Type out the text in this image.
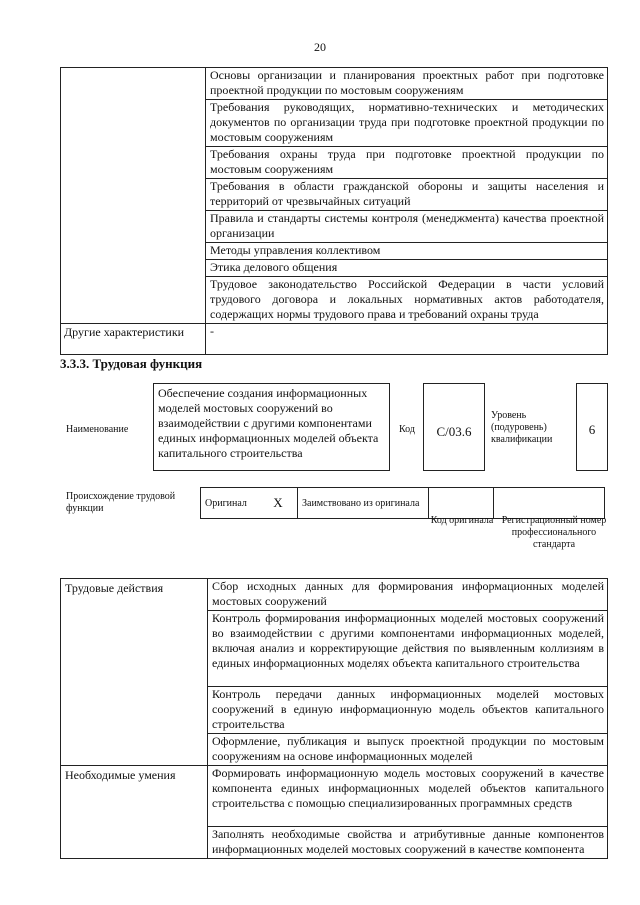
20
	Основы организации и планирования проектных работ при подготовке проектной продукции по мостовым сооружениям
	Требования руководящих, нормативно-технических и методических документов по организации труда при подготовке проектной продукции по мостовым сооружениям
	Требования охраны труда при подготовке проектной продукции по мостовым сооружениям
	Требования в области гражданской обороны и защиты населения и территорий от чрезвычайных ситуаций
	Правила и стандарты системы контроля (менеджмента) качества проектной организации
	Методы управления коллективом
	Этика делового общения
	Трудовое законодательство Российской Федерации в части условий трудового договора и локальных нормативных актов работодателя, содержащих нормы трудового права и требований охраны труда
Другие характеристики	-
3.3.3. Трудовая функция
Наименование
Обеспечение создания информационных моделей мостовых сооружений во взаимодействии с другими компонентами единых информационных моделей объекта капитального строительства
Код	C/03.6
Уровень (подуровень) квалификации
6
Происхождение трудовой функции	Оригинал	X	Заимствовано из оригинала		
Код оригинала Регистрационный номер профессионального стандарта
Трудовые действия	Сбор исходных данных для формирования информационных моделей мостовых сооружений
	Контроль формирования информационных моделей мостовых сооружений во взаимодействии с другими компонентами информационных моделей, включая анализ и корректирующие действия по выявленным коллизиям в единых информационных моделях объекта капитального строительства
	Контроль передачи данных информационных моделей мостовых сооружений в единую информационную модель объектов капитального строительства
	Оформление, публикация и выпуск проектной продукции по мостовым сооружениям на основе информационных моделей
Необходимые умения	Формировать информационную модель мостовых сооружений в качестве компонента единых информационных моделей объектов капитального строительства с помощью специализированных программных средств
	Заполнять необходимые свойства и атрибутивные данные компонентов информационных моделей мостовых сооружений в качестве компонента
